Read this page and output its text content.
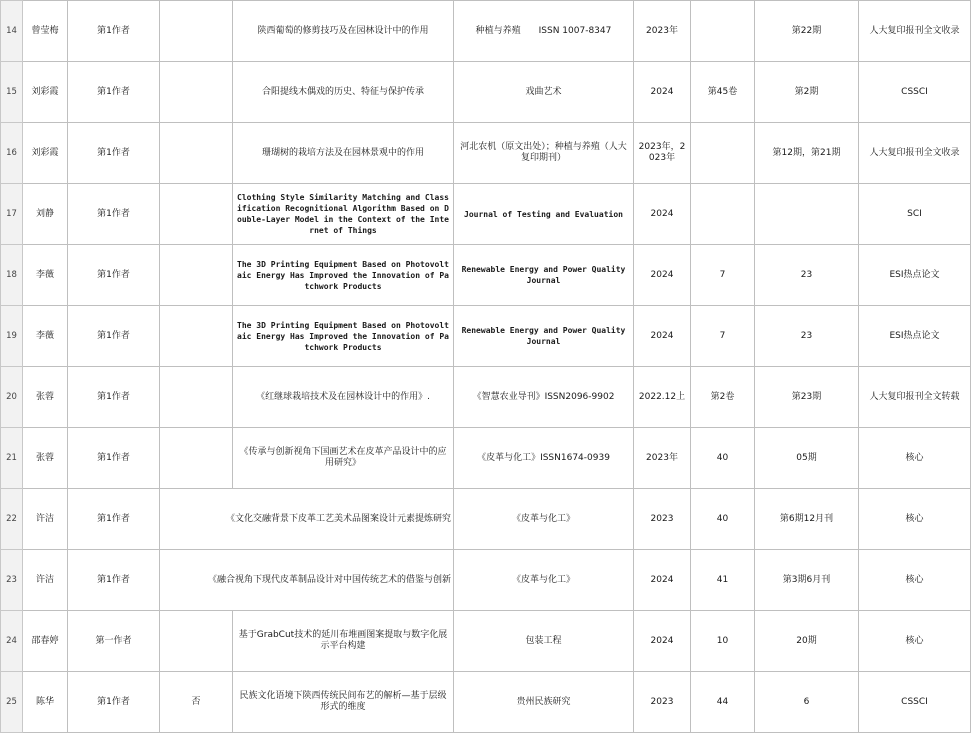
14	曾莹梅	第1作者		陕西葡萄的修剪技巧及在园林设计中的作用	种植与养殖　　ISSN 1007-8347	2023年		第22期	人大复印报刊全文收录
15	刘彩霞	第1作者		合阳提线木偶戏的历史、特征与保护传承	戏曲艺术	2024	第45卷	第2期	CSSCI
16	刘彩霞	第1作者		珊瑚树的栽培方法及在园林景观中的作用	河北农机（原文出处）；种植与养殖（人大复印期刊）	2023年，2023年		第12期，第21期	人大复印报刊全文收录
17	刘静	第1作者		Clothing Style Similarity Matching and Classification Recognitional Algorithm Based on Double-Layer Model in the Context of the Internet of Things	Journal of Testing and Evaluation	2024			SCI
18	李薇	第1作者		The 3D Printing Equipment Based on Photovoltaic Energy Has Improved the Innovation of Patchwork Products	Renewable Energy and Power Quality Journal	2024	7	23	ESI热点论文
19	李薇	第1作者		The 3D Printing Equipment Based on Photovoltaic Energy Has Improved the Innovation of Patchwork Products	Renewable Energy and Power Quality Journal	2024	7	23	ESI热点论文
20	张蓉	第1作者		《红继球栽培技术及在园林设计中的作用》.	《智慧农业导刊》ISSN2096-9902	2022.12上	第2卷	第23期	人大复印报刊全文转载
21	张蓉	第1作者		《传承与创新视角下国画艺术在皮革产品设计中的应用研究》	《皮革与化工》ISSN1674-0939	2023年	40	05期	核心
22	许洁	第1作者	《文化交融背景下皮革工艺美术品图案设计元素提炼研究		《皮革与化工》	2023	40	第6期12月刊	核心
23	许洁	第1作者	《融合视角下现代皮革制品设计对中国传统艺术的借鉴与创新		《皮革与化工》	2024	41	第3期6月刊	核心
24	邵春婷	第一作者		基于GrabCut技术的延川布堆画图案提取与数字化展示平台构建	包装工程	2024	10	20期	核心
25	陈华	第1作者	否	民族文化语境下陕西传统民间布艺的解析—基于层级形式的维度	贵州民族研究	2023	44	6	CSSCI
